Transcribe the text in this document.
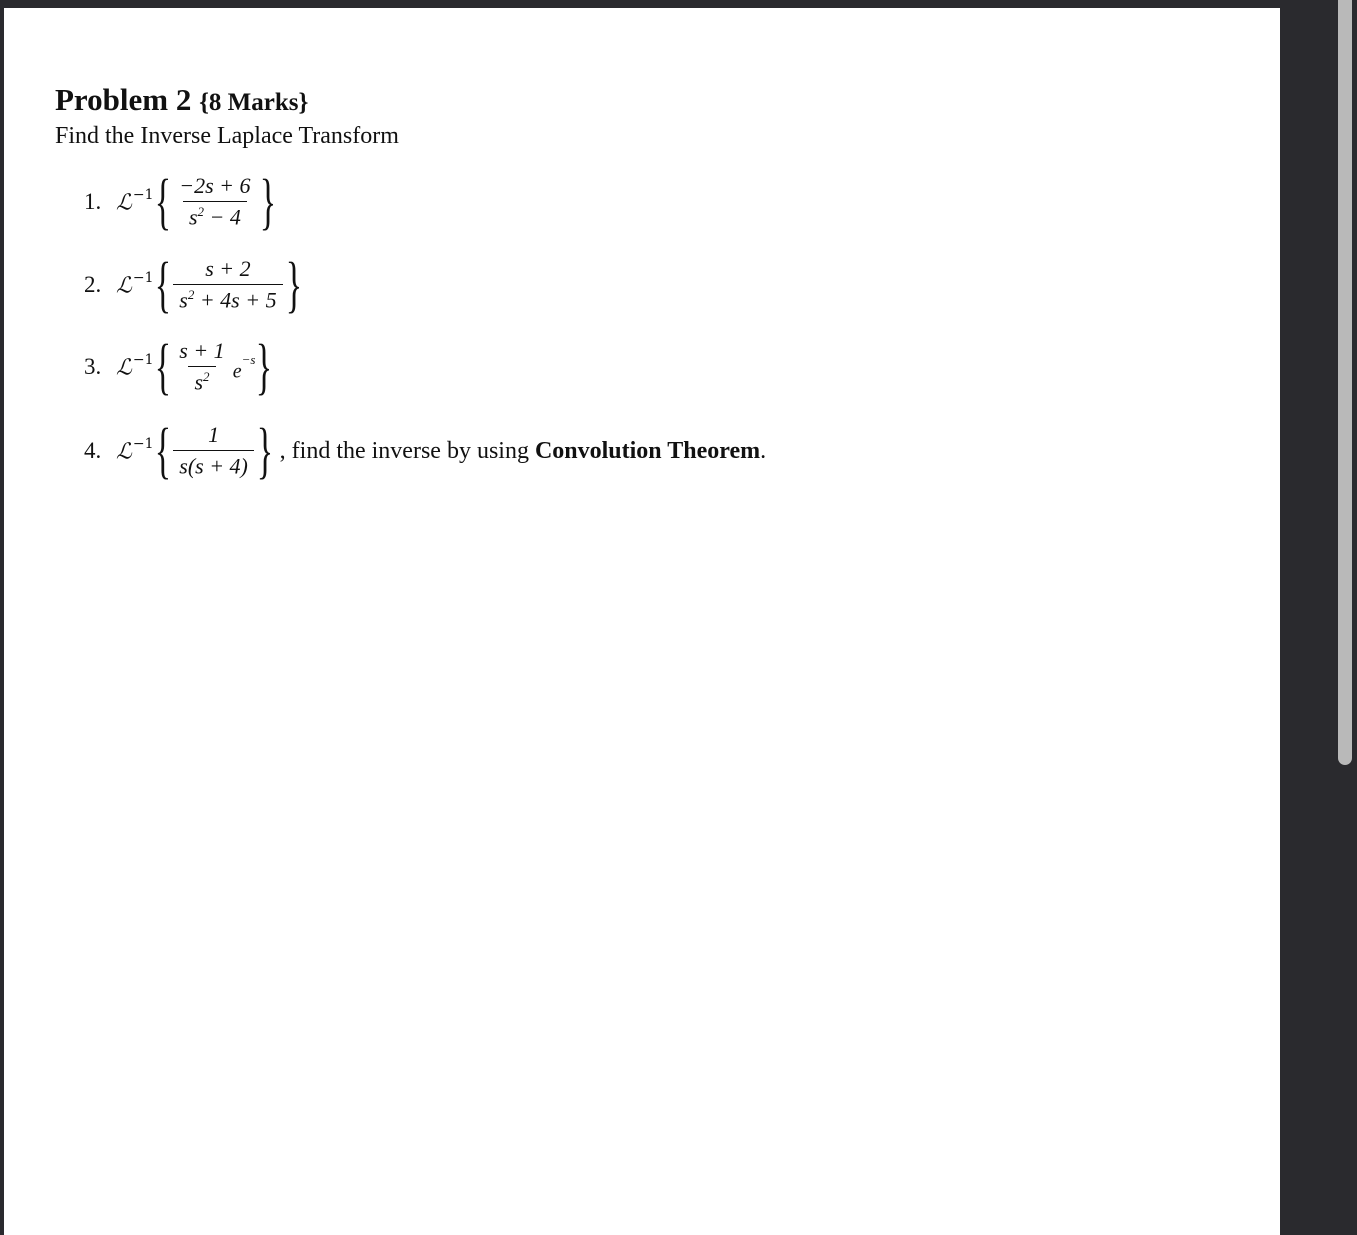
Problem 2 {8 Marks}
Find the Inverse Laplace Transform
1. ℒ$^{-1}$ { $\frac{-2s + 6}{s^2 - 4}$ }
2. ℒ$^{-1}$ { $\frac{s + 2}{s^2 + 4s + 5}$ }
3. ℒ$^{-1}$ { $\frac{s + 1}{s^2} e^{-s}$ }
4. ℒ$^{-1}$ { $\frac{1}{s(s + 4)}$ } , find the inverse by using Convolution Theorem.
